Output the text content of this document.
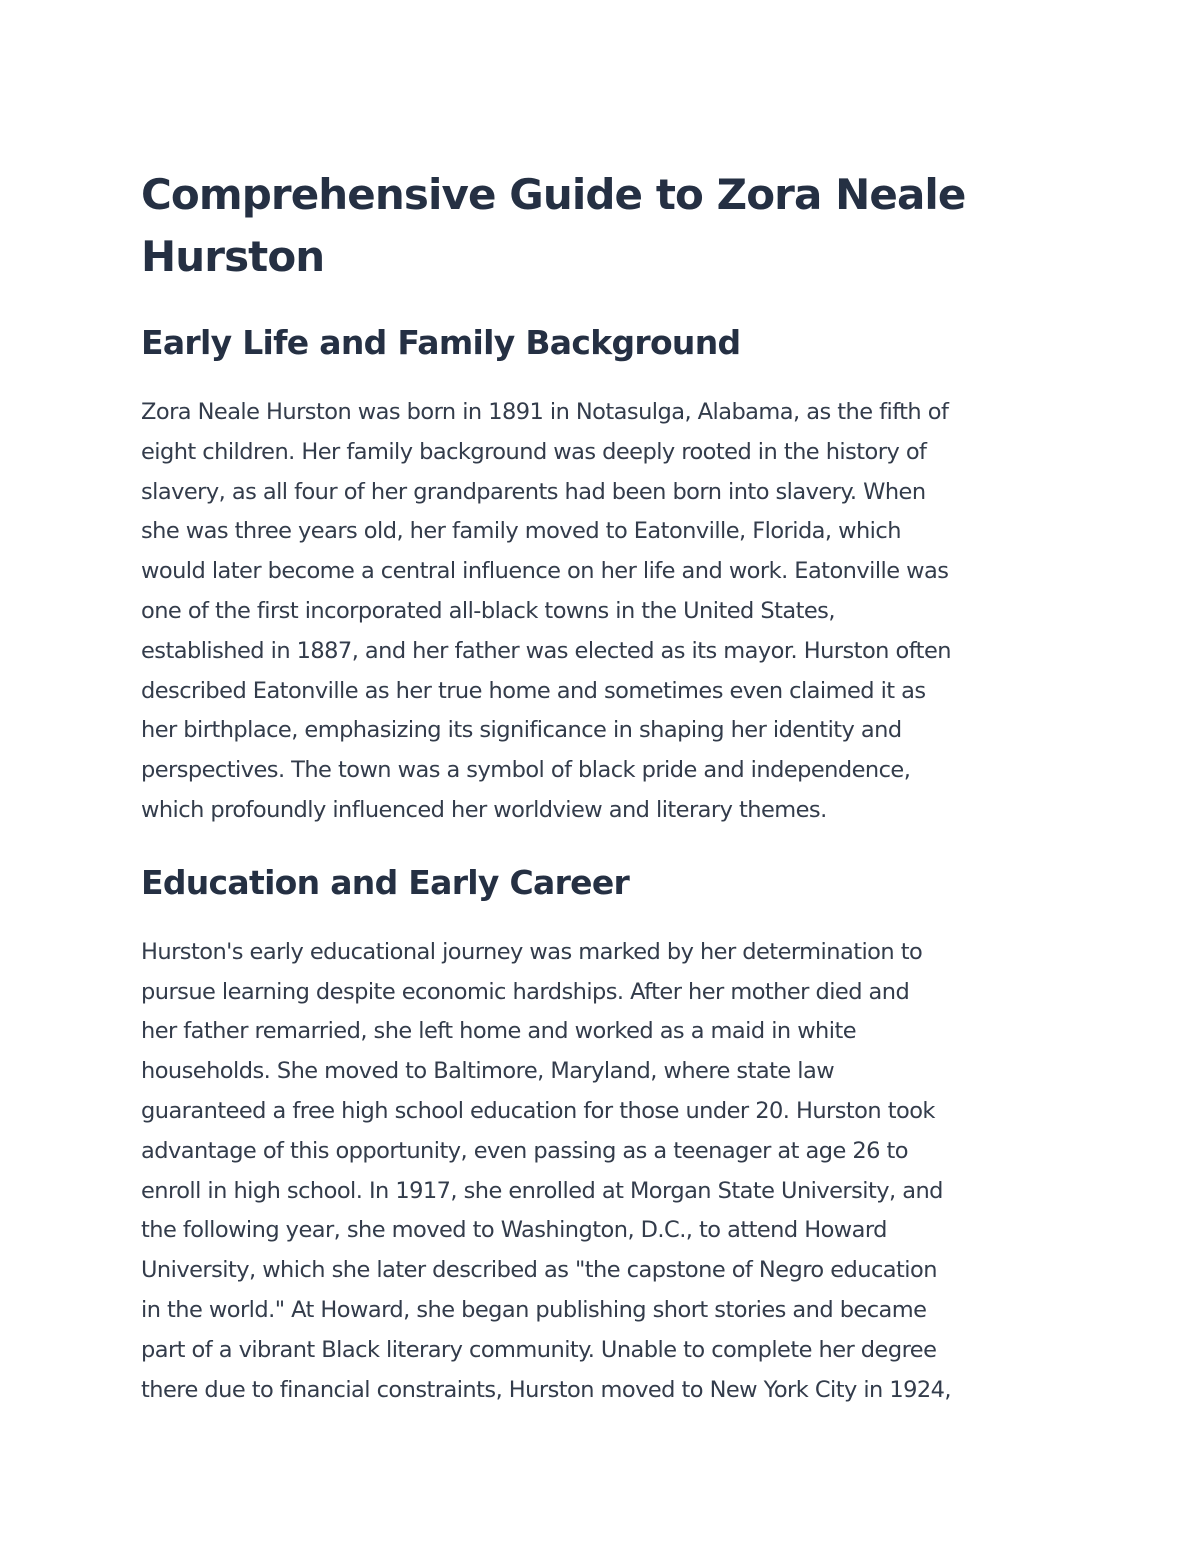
Comprehensive Guide to Zora Neale
Hurston
Early Life and Family Background

Zora Neale Hurston was born in 1891 in Notasulga, Alabama, as the fifth of
eight children. Her family background was deeply rooted in the history of
slavery, as all four of her grandparents had been born into slavery. When
she was three years old, her family moved to Eatonville, Florida, which
would later become a central influence on her life and work. Eatonville was
one of the first incorporated all-black towns in the United States,
established in 1887, and her father was elected as its mayor. Hurston often
described Eatonville as her true home and sometimes even claimed it as
her birthplace, emphasizing its significance in shaping her identity and
perspectives. The town was a symbol of black pride and independence,
which profoundly influenced her worldview and literary themes.

Education and Early Career

Hurston's early educational journey was marked by her determination to
pursue learning despite economic hardships. After her mother died and
her father remarried, she left home and worked as a maid in white
households. She moved to Baltimore, Maryland, where state law
guaranteed a free high school education for those under 20. Hurston took
advantage of this opportunity, even passing as a teenager at age 26 to
enroll in high school. In 1917, she enrolled at Morgan State University, and
the following year, she moved to Washington, D.C., to attend Howard
University, which she later described as "the capstone of Negro education
in the world." At Howard, she began publishing short stories and became
part of a vibrant Black literary community. Unable to complete her degree
there due to financial constraints, Hurston moved to New York City in 1924,
